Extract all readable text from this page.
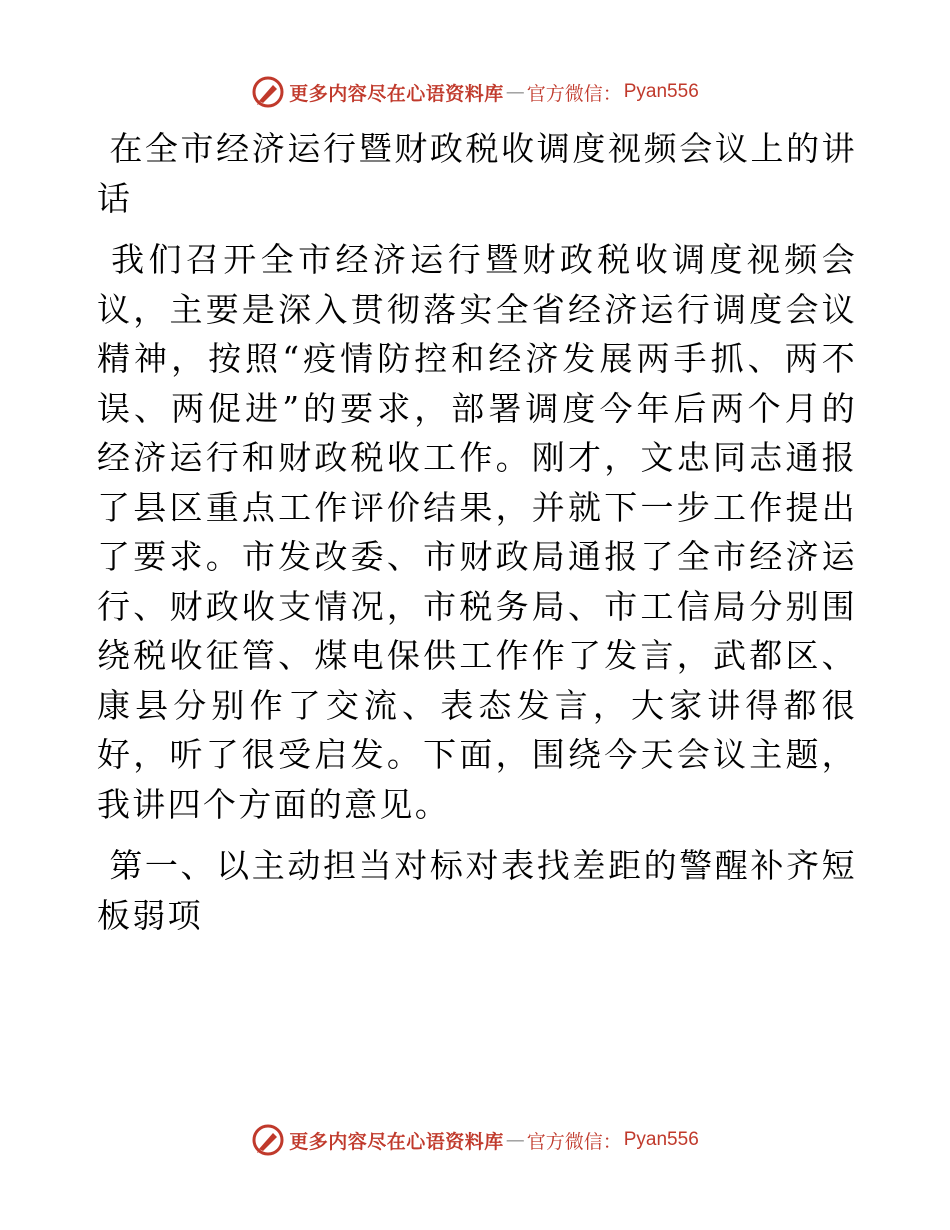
更多内容尽在心语资料库 — 官方微信： Pyan556

在全市经济运行暨财政税收调度视频会议上的讲话

我们召开全市经济运行暨财政税收调度视频会议，主要是深入贯彻落实全省经济运行调度会议精神，按照“疫情防控和经济发展两手抓、两不误、两促进”的要求，部署调度今年后两个月的经济运行和财政税收工作。刚才，文忠同志通报了县区重点工作评价结果，并就下一步工作提出了要求。市发改委、市财政局通报了全市经济运行、财政收支情况，市税务局、市工信局分别围绕税收征管、煤电保供工作作了发言，武都区、康县分别作了交流、表态发言，大家讲得都很好，听了很受启发。下面，围绕今天会议主题，我讲四个方面的意见。

第一、以主动担当对标对表找差距的警醒补齐短板弱项

更多内容尽在心语资料库 — 官方微信： Pyan556
